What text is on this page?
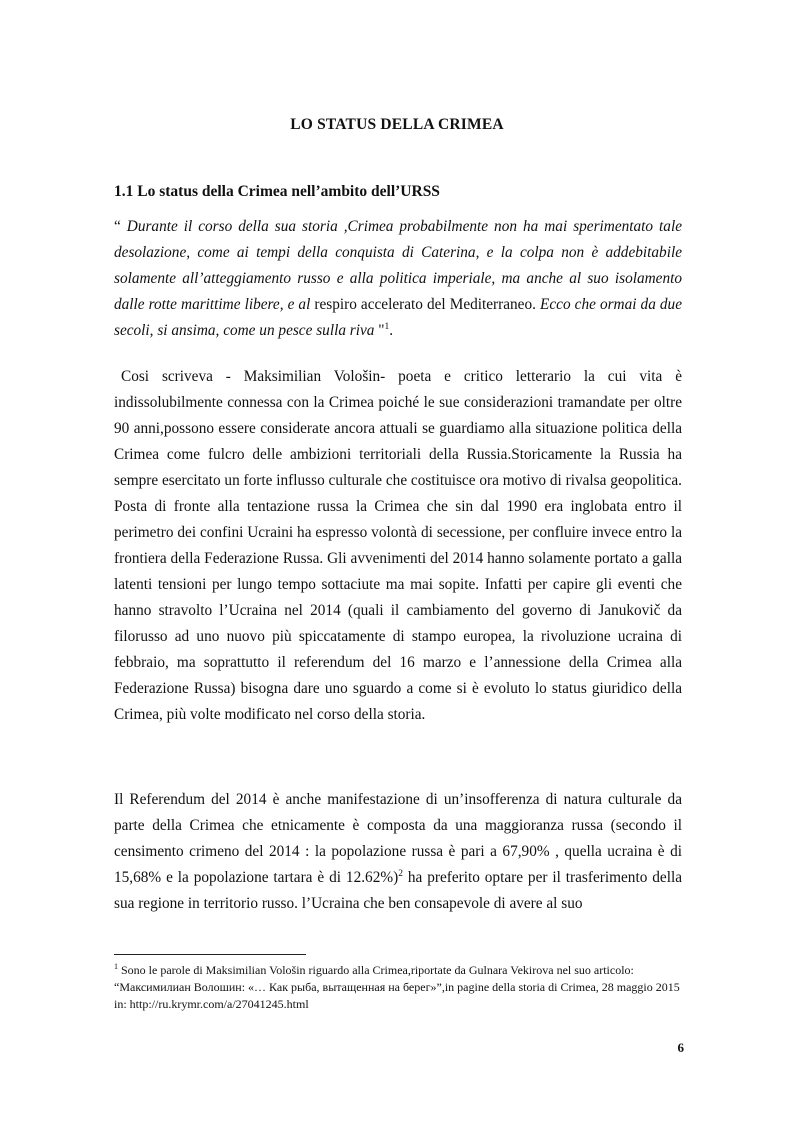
LO STATUS DELLA CRIMEA
1.1 Lo status della Crimea nell’ambito dell’URSS

“ Durante il corso della sua storia ,Crimea probabilmente non ha mai sperimentato tale desolazione, come ai tempi della conquista di Caterina, e la colpa non è addebitabile solamente all’atteggiamento russo e alla politica imperiale, ma anche al suo isolamento dalle rotte marittime libere, e al respiro accelerato del Mediterraneo. Ecco che ormai da due secoli, si ansima, come un pesce sulla riva "$^1$.

Cosi scriveva - Maksimilian Vološin- poeta e critico letterario la cui vita è indissolubilmente connessa con la Crimea poiché le sue considerazioni tramandate per oltre 90 anni,possono essere considerate ancora attuali se guardiamo alla situazione politica della Crimea come fulcro delle ambizioni territoriali della Russia.Storicamente la Russia ha sempre esercitato un forte influsso culturale che costituisce ora motivo di rivalsa geopolitica. Posta di fronte alla tentazione russa la Crimea che sin dal 1990 era inglobata entro il perimetro dei confini Ucraini ha espresso volontà di secessione, per confluire invece entro la frontiera della Federazione Russa. Gli avvenimenti del 2014 hanno solamente portato a galla latenti tensioni per lungo tempo sottaciute ma mai sopite. Infatti per capire gli eventi che hanno stravolto l’Ucraina nel 2014 (quali il cambiamento del governo di Janukovič da filorusso ad uno nuovo più spiccatamente di stampo europea, la rivoluzione ucraina di febbraio, ma soprattutto il referendum del 16 marzo e l’annessione della Crimea alla Federazione Russa) bisogna dare uno sguardo a come si è evoluto lo status giuridico della Crimea, più volte modificato nel corso della storia.

Il Referendum del 2014 è anche manifestazione di un’insofferenza di natura culturale da parte della Crimea che etnicamente è composta da una maggioranza russa (secondo il censimento crimeno del 2014 : la popolazione russa è pari a 67,90% , quella ucraina è di 15,68% e la popolazione tartara è di 12.62%)$^2$ ha preferito optare per il trasferimento della sua regione in territorio russo. l’Ucraina che ben consapevole di avere al suo

$^1$ Sono le parole di Maksimilian Vološin riguardo alla Crimea,riportate da Gulnara Vekirova nel suo articolo: “Максимилиан Волошин: «… Как рыба, вытащенная на берег»”,in pagine della storia di Crimea, 28 maggio 2015 in: http://ru.krymr.com/a/27041245.html

6
